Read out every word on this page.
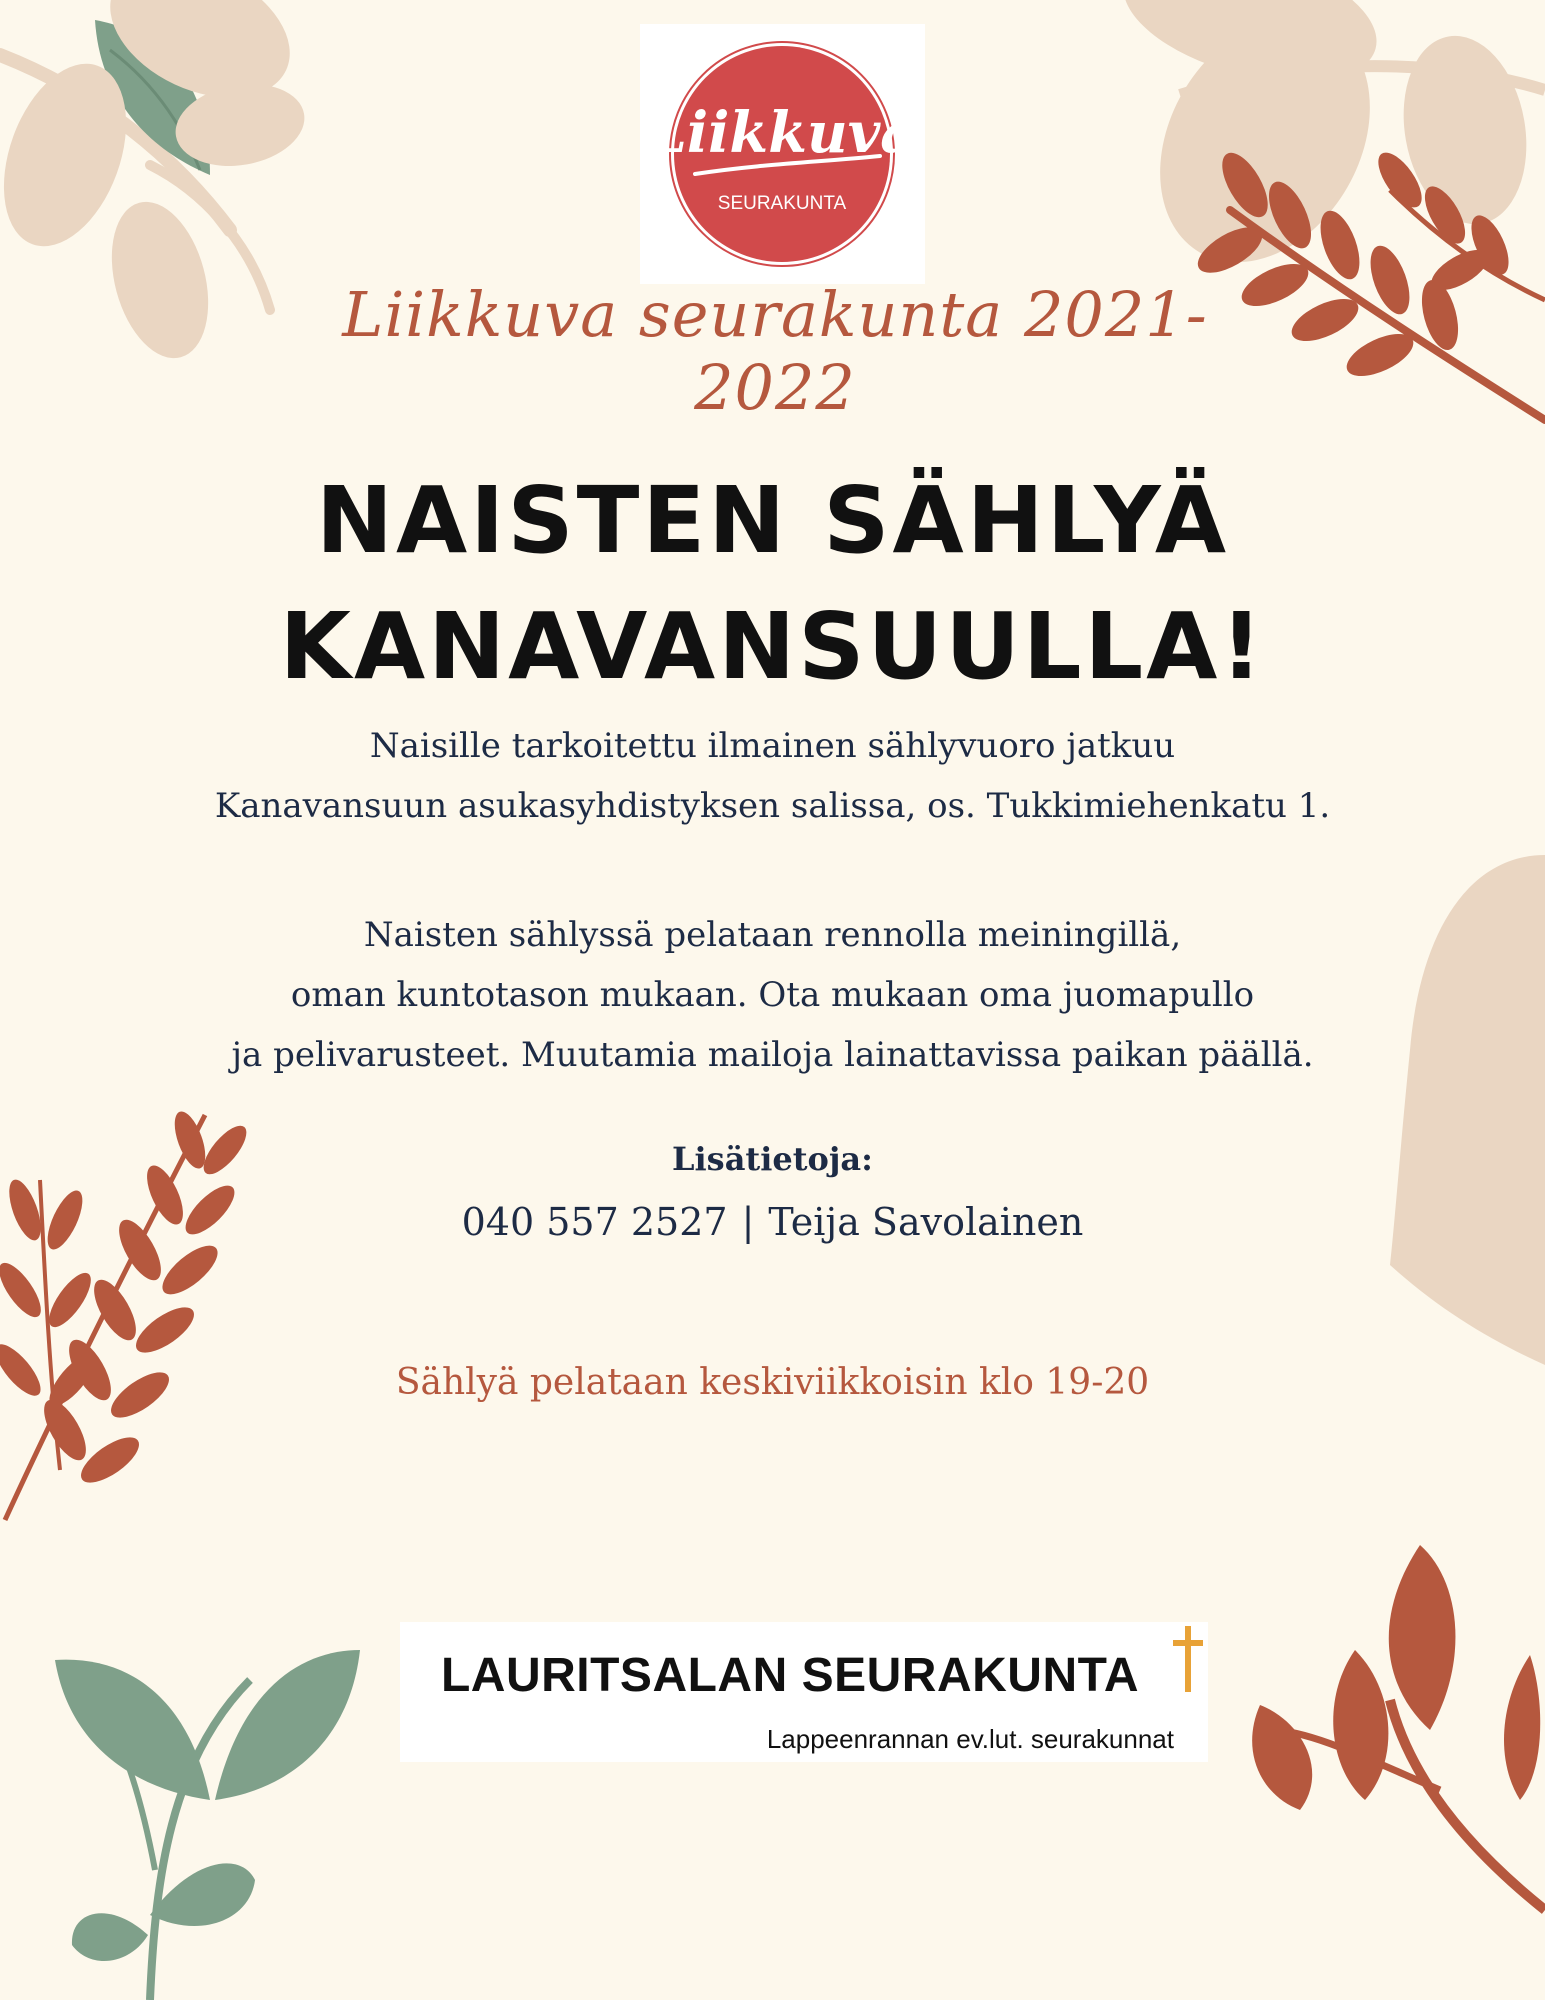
Liikkuva
SEURAKUNTA
Liikkuva seurakunta 2021-2022
NAISTEN SÄHLYÄ
KANAVANSUULLA!
Naisille tarkoitettu ilmainen sählyvuoro jatkuu
Kanavansuun asukasyhdistyksen salissa, os. Tukkimiehenkatu 1.
Naisten sählyssä pelataan rennolla meiningillä,
oman kuntotason mukaan. Ota mukaan oma juomapullo
ja pelivarusteet. Muutamia mailoja lainattavissa paikan päällä.
Lisätietoja:
040 557 2527 | Teija Savolainen
Sählyä pelataan keskiviikkoisin klo 19-20
LAURITSALAN SEURAKUNTA
Lappeenrannan ev.lut. seurakunnat
